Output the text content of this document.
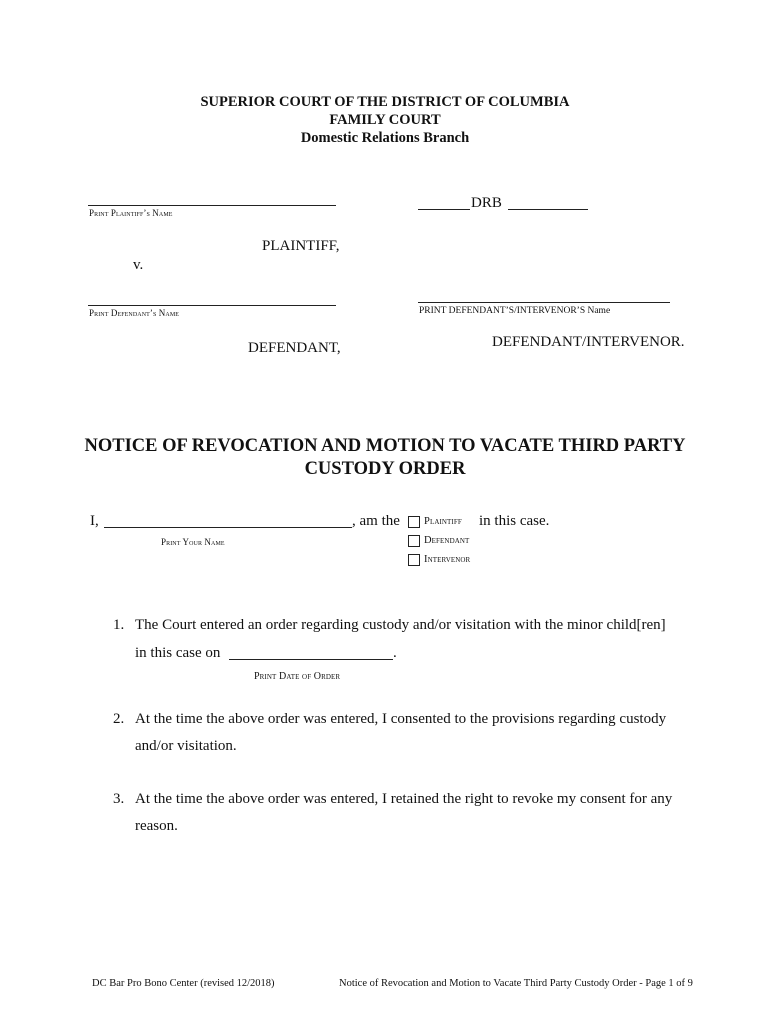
SUPERIOR COURT OF THE DISTRICT OF COLUMBIA
FAMILY COURT
Domestic Relations Branch
Print Plaintiff’s Name
DRB
PLAINTIFF,
v.
Print Defendant’s Name	PRINT DEFENDANT’S/INTERVENOR’S Name
DEFENDANT,	DEFENDANT/INTERVENOR.
NOTICE OF REVOCATION AND MOTION TO VACATE THIRD PARTY
CUSTODY ORDER
I,	, am the
Print Your Name
Plaintiff in this case.
Defendant
Intervenor
1. The Court entered an order regarding custody and/or visitation with the minor child[ren]
in this case on	.
Print Date of Order
2. At the time the above order was entered, I consented to the provisions regarding custody
and/or visitation.
3. At the time the above order was entered, I retained the right to revoke my consent for any
reason.
DC Bar Pro Bono Center (revised 12/2018)	Notice of Revocation and Motion to Vacate Third Party Custody Order - Page 1 of 9
